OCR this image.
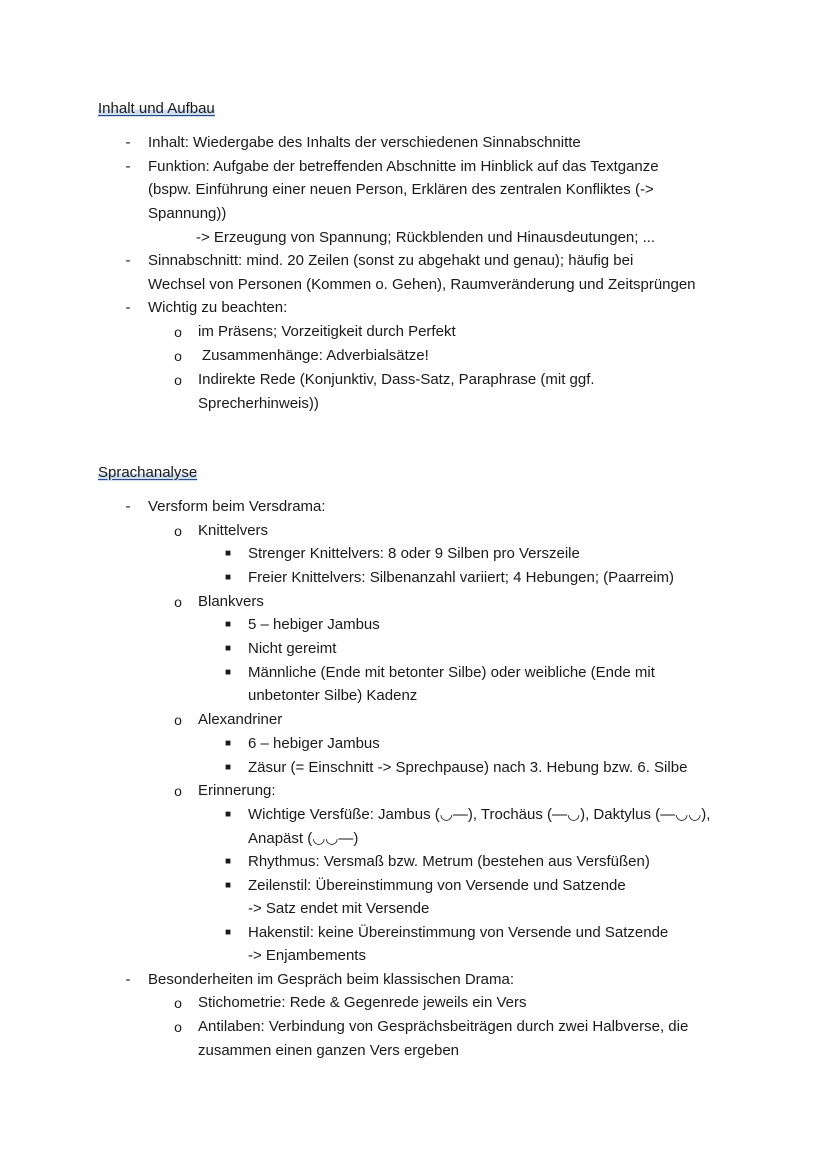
Inhalt und Aufbau
- Inhalt: Wiedergabe des Inhalts der verschiedenen Sinnabschnitte
- Funktion: Aufgabe der betreffenden Abschnitte im Hinblick auf das Textganze
(bspw. Einführung einer neuen Person, Erklären des zentralen Konfliktes (->
Spannung))
-> Erzeugung von Spannung; Rückblenden und Hinausdeutungen; ...
- Sinnabschnitt: mind. 20 Zeilen (sonst zu abgehakt und genau); häufig bei
Wechsel von Personen (Kommen o. Gehen), Raumveränderung und Zeitsprüngen
- Wichtig zu beachten:
o im Präsens; Vorzeitigkeit durch Perfekt
o Zusammenhänge: Adverbialsätze!
o Indirekte Rede (Konjunktiv, Dass-Satz, Paraphrase (mit ggf.
Sprecherhinweis))
Sprachanalyse
- Versform beim Versdrama:
o Knittelvers
■ Strenger Knittelvers: 8 oder 9 Silben pro Verszeile
■ Freier Knittelvers: Silbenanzahl variiert; 4 Hebungen; (Paarreim)
o Blankvers
■ 5 – hebiger Jambus
■ Nicht gereimt
■ Männliche (Ende mit betonter Silbe) oder weibliche (Ende mit
unbetonter Silbe) Kadenz
o Alexandriner
■ 6 – hebiger Jambus
■ Zäsur (= Einschnitt -> Sprechpause) nach 3. Hebung bzw. 6. Silbe
o Erinnerung:
■ Wichtige Versfüße: Jambus (◡—), Trochäus (—◡), Daktylus (—◡◡),
Anapäst (◡◡—)
■ Rhythmus: Versmaß bzw. Metrum (bestehen aus Versfüßen)
■ Zeilenstil: Übereinstimmung von Versende und Satzende
-> Satz endet mit Versende
■ Hakenstil: keine Übereinstimmung von Versende und Satzende
-> Enjambements
- Besonderheiten im Gespräch beim klassischen Drama:
o Stichometrie: Rede & Gegenrede jeweils ein Vers
o Antilaben: Verbindung von Gesprächsbeiträgen durch zwei Halbverse, die
zusammen einen ganzen Vers ergeben
